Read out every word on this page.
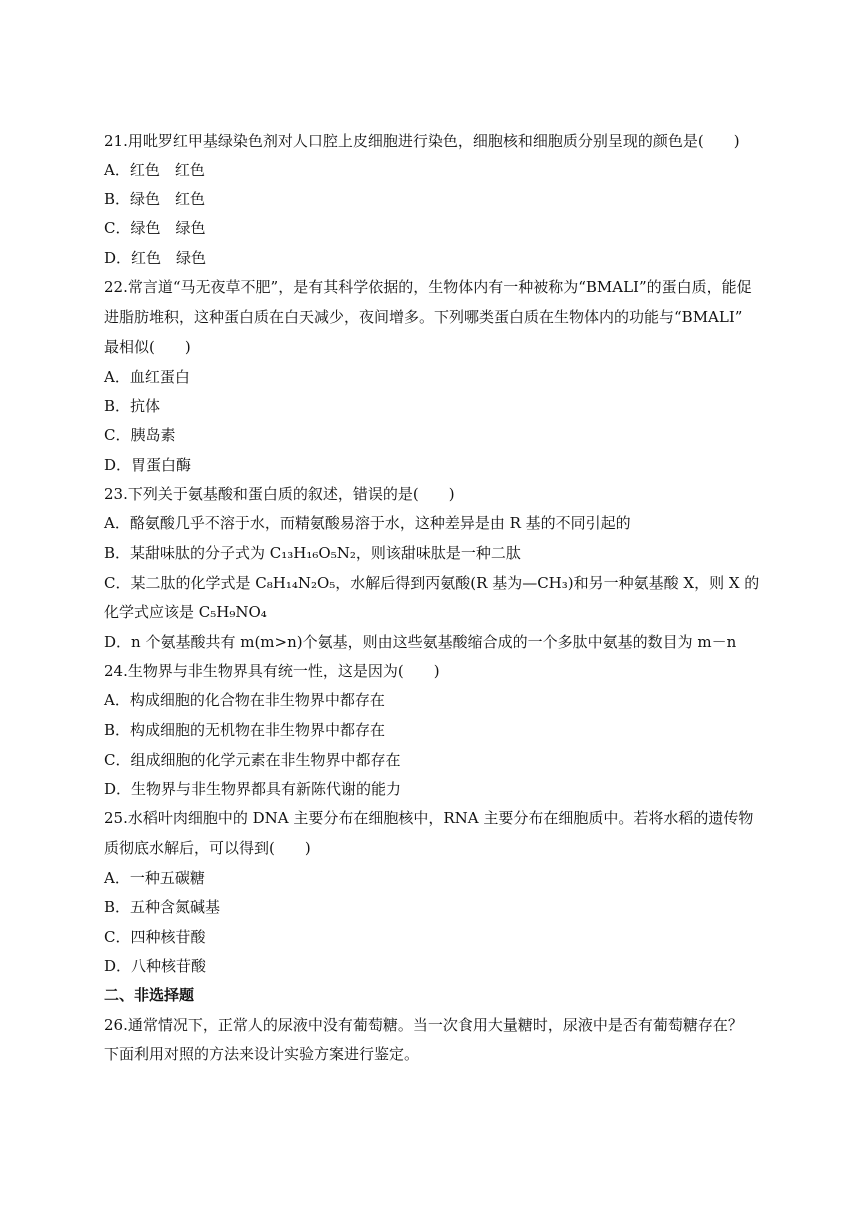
21.用吡罗红甲基绿染色剂对人口腔上皮细胞进行染色，细胞核和细胞质分别呈现的颜色是(　　)
A．红色　红色
B．绿色　红色
C．绿色　绿色
D．红色　绿色
22.常言道“马无夜草不肥”，是有其科学依据的，生物体内有一种被称为“BMALI”的蛋白质，能促
进脂肪堆积，这种蛋白质在白天减少，夜间增多。下列哪类蛋白质在生物体内的功能与“BMALI”
最相似(　　)
A．血红蛋白
B．抗体
C．胰岛素
D．胃蛋白酶
23.下列关于氨基酸和蛋白质的叙述，错误的是(　　)
A．酪氨酸几乎不溶于水，而精氨酸易溶于水，这种差异是由 R 基的不同引起的
B．某甜味肽的分子式为 C₁₃H₁₆O₅N₂，则该甜味肽是一种二肽
C．某二肽的化学式是 C₈H₁₄N₂O₅，水解后得到丙氨酸(R 基为—CH₃)和另一种氨基酸 X，则 X 的
化学式应该是 C₅H₉NO₄
D．n 个氨基酸共有 m(m>n)个氨基，则由这些氨基酸缩合成的一个多肽中氨基的数目为 m－n
24.生物界与非生物界具有统一性，这是因为(　　)
A．构成细胞的化合物在非生物界中都存在
B．构成细胞的无机物在非生物界中都存在
C．组成细胞的化学元素在非生物界中都存在
D．生物界与非生物界都具有新陈代谢的能力
25.水稻叶肉细胞中的 DNA 主要分布在细胞核中，RNA 主要分布在细胞质中。若将水稻的遗传物
质彻底水解后，可以得到(　　)
A．一种五碳糖
B．五种含氮碱基
C．四种核苷酸
D．八种核苷酸
二、非选择题
26.通常情况下，正常人的尿液中没有葡萄糖。当一次食用大量糖时，尿液中是否有葡萄糖存在？
下面利用对照的方法来设计实验方案进行鉴定。
